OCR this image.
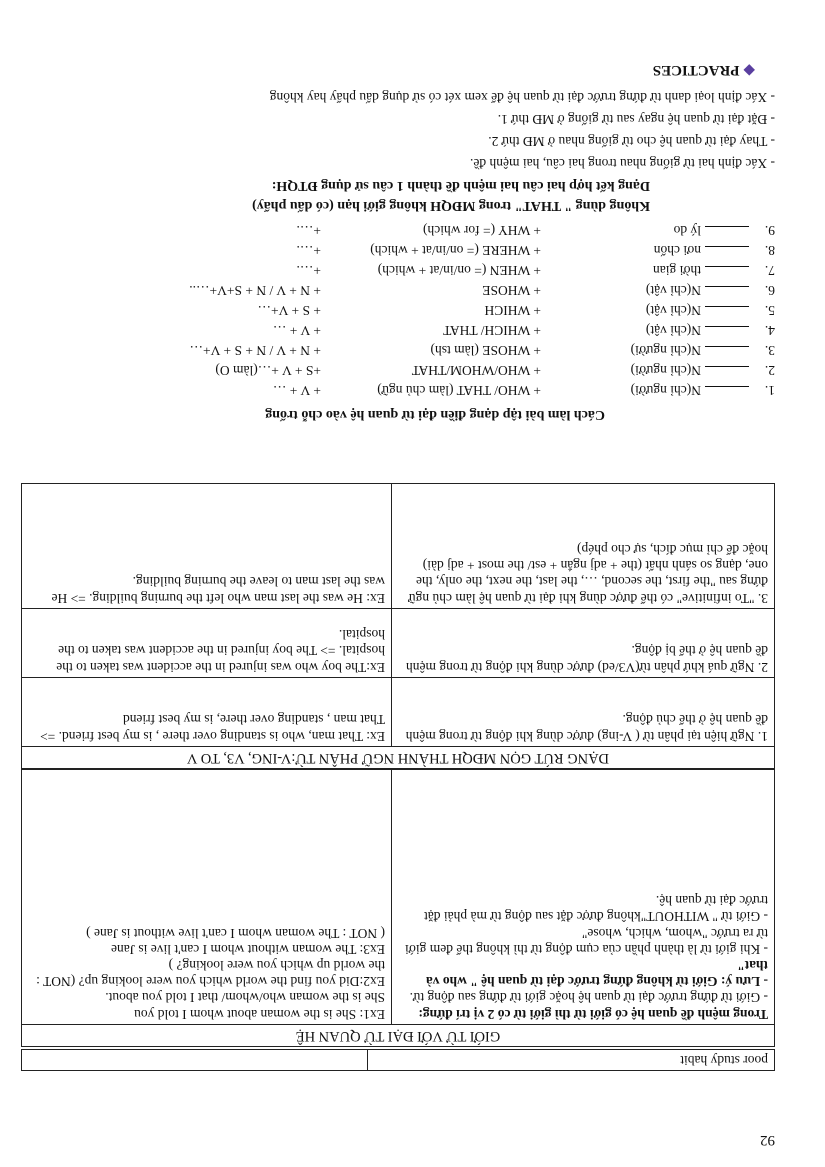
92
poor study habit	
GIỚI TỪ VỚI ĐẠI TỪ QUAN HỆ

Trong mệnh đề quan hệ có giới từ thì giới từ có 2 vị trí đứng:
- Giới từ đứng trước đại từ quan hệ hoặc giới từ đứng sau động từ.
- Lưu ý: Giới từ không đứng trước đại từ quan hệ " who và that"
- Khi giới từ là thành phần của cụm động từ thì không thể đem giới từ ra trước "whom, which, whose"
- Giới từ " WITHOUT"không được đặt sau động từ mà phải đặt trước đại từ quan hệ.

Ex1: She is the woman about whom I told you
She is the woman who/whom/ that I told you about.
Ex2:Did you find the world which you were looking up? (NOT : the world up which you were looking? )
Ex3: The woman without whom I can't live is Jane
( NOT : The woman whom I can't live without is Jane )
DẠNG RÚT GỌN MĐQH THÀNH NGỮ PHÂN TỪ:V-ING, V3, TO V	
1. Ngữ hiện tại phân từ ( V-ing) được dùng khi động từ trong mệnh đề quan hệ ở thể chủ động.	Ex: That man, who is standing over there , is my best friend. => That man , standing over there, is my best friend
2. Ngữ quá khứ phân từ(V3/ed) được dùng khi động từ trong mệnh đề quan hệ ở thể bị động.	Ex:The boy who was injured in the accident was taken to the hospital. => The boy injured in the accident was taken to the hospital.
3. "To infinitive" có thể được dùng khi đại từ quan hệ làm chủ ngữ đứng sau "the first, the second, …, the last, the next, the only, the one, dạng so sánh nhất (the + adj ngắn + est/ the most + adj dài) hoặc để chỉ mục đích, sự cho phép)	Ex: He was the last man who left the burning building. => He was the last man to leave the burning building.
Cách làm bài tập dạng điền đại từ quan hệ vào chỗ trống
1.N(chỉ người)+ WHO/ THAT (làm chủ ngữ)+ V + …
2.N(chỉ người)+ WHO/WHOM/THAT+S + V +…(làm O)
3.N(chỉ người)+ WHOSE (làm tsh)+ N + V / N + S + V+…
4.N(chỉ vật)+ WHICH/ THAT+ V + …
5.N(chỉ vật)+ WHICH+ S + V+…
6.N(chỉ vật)+ WHOSE+ N + V / N + S+V+…..
7.thời gian+ WHEN (= on/in/at + which)+….
8.nơi chốn+ WHERE (= on/in/at + which)+….
9.lý do+ WHY (= for which)+….
Không dùng " THAT" trong MĐQH không giới hạn (có dấu phẩy)
Dạng kết hợp hai câu hai mệnh đề thành 1 câu sử dụng ĐTQH:
- Xác định hai từ giống nhau trong hai câu, hai mệnh đề.
- Thay đại từ quan hệ cho từ giống nhau ở MĐ thứ 2.
- Đặt đại từ quan hệ ngay sau từ giống ở MĐ thứ 1.
- Xác định loại danh từ đứng trước đại từ quan hệ để xem xét có sử dụng dấu phẩy hay không
◆PRACTICES
